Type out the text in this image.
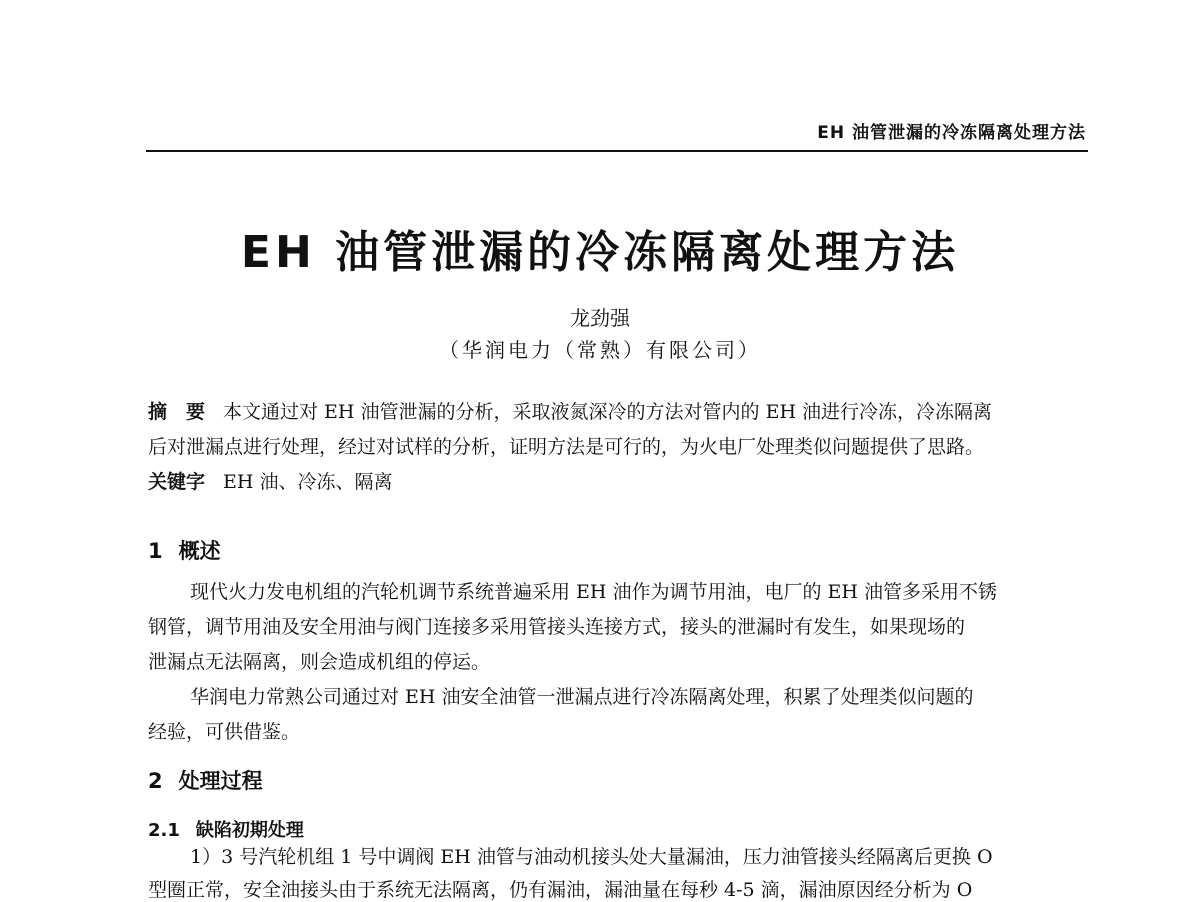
EH 油管泄漏的冷冻隔离处理方法
EH 油管泄漏的冷冻隔离处理方法
龙劲强
（华润电力（常熟）有限公司）
摘　要 本文通过对 EH 油管泄漏的分析，采取液氮深冷的方法对管内的 EH 油进行冷冻，冷冻隔离
后对泄漏点进行处理，经过对试样的分析，证明方法是可行的，为火电厂处理类似问题提供了思路。
关键字 EH 油、冷冻、隔离
1 概述
现代火力发电机组的汽轮机调节系统普遍采用 EH 油作为调节用油，电厂的 EH 油管多采用不锈
钢管，调节用油及安全用油与阀门连接多采用管接头连接方式，接头的泄漏时有发生，如果现场的
泄漏点无法隔离，则会造成机组的停运。
华润电力常熟公司通过对 EH 油安全油管一泄漏点进行冷冻隔离处理，积累了处理类似问题的
经验，可供借鉴。
2 处理过程
2.1 缺陷初期处理
1）3 号汽轮机组 1 号中调阀 EH 油管与油动机接头处大量漏油，压力油管接头经隔离后更换 O
型圈正常，安全油接头由于系统无法隔离，仍有漏油，漏油量在每秒 4-5 滴，漏油原因经分析为 O
